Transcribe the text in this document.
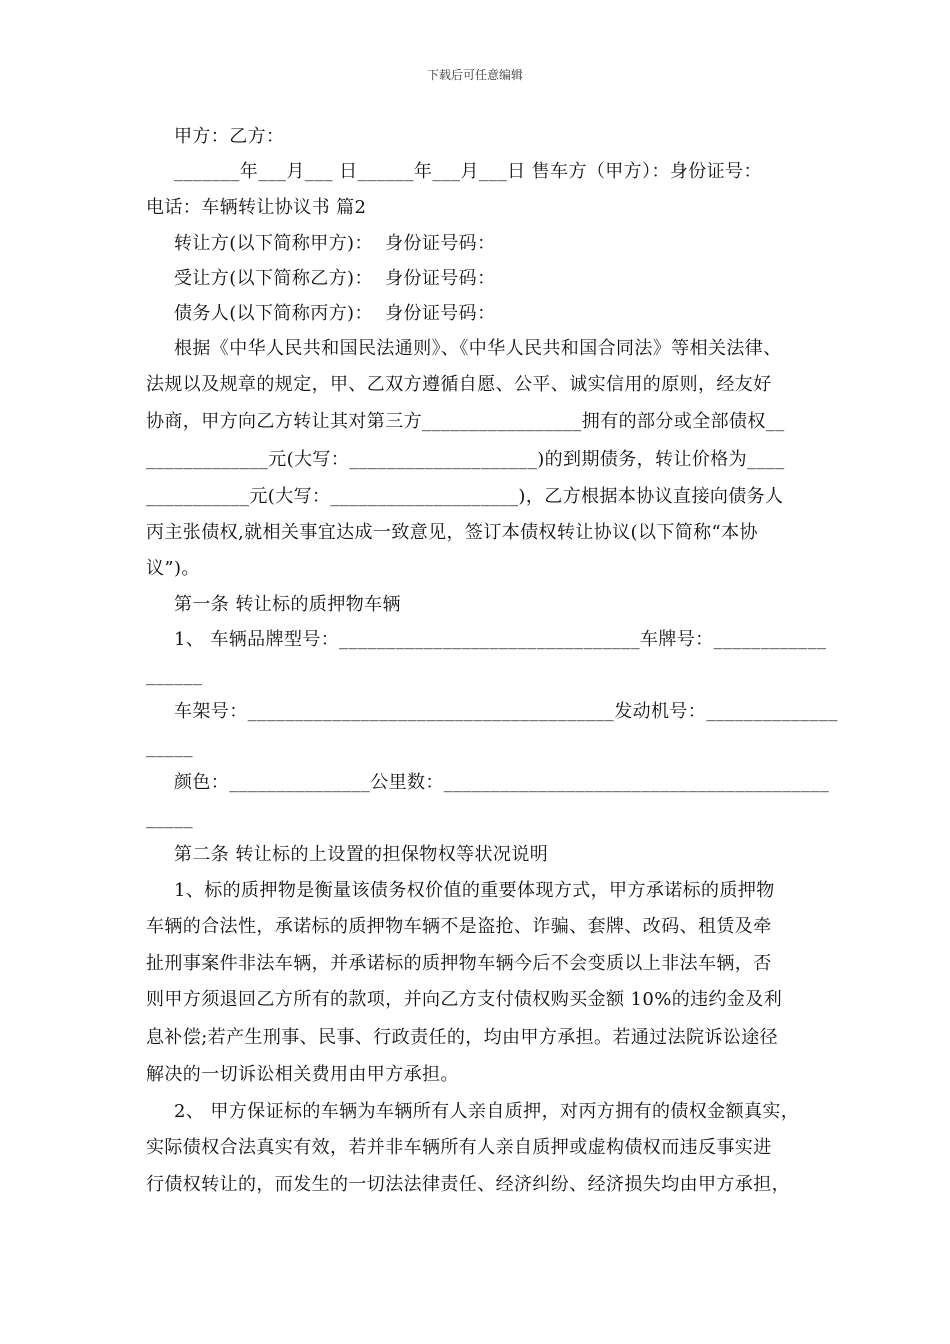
下载后可任意编辑
甲方：乙方：
_______年___月___ 日______年___月___日 售车方（甲方）：身份证号：
电话：车辆转让协议书 篇2
转让方(以下简称甲方)：  身份证号码：
受让方(以下简称乙方)：  身份证号码：
债务人(以下简称丙方)：  身份证号码：
根据《中华人民共和国民法通则》、《中华人民共和国合同法》等相关法律、
法规以及规章的规定，甲、乙双方遵循自愿、公平、诚实信用的原则，经友好
协商，甲方向乙方转让其对第三方_________________拥有的部分或全部债权__
_____________元(大写：____________________)的到期债务，转让价格为____
___________元(大写：____________________)，乙方根据本协议直接向债务人
丙主张债权,就相关事宜达成一致意见，签订本债权转让协议(以下简称“本协
议”)。
第一条 转让标的质押物车辆
1、 车辆品牌型号：________________________________车牌号：____________
______
车架号：_______________________________________发动机号：______________
_____
颜色：_______________公里数：_________________________________________
_____
第二条 转让标的上设置的担保物权等状况说明
1、标的质押物是衡量该债务权价值的重要体现方式，甲方承诺标的质押物
车辆的合法性，承诺标的质押物车辆不是盗抢、诈骗、套牌、改码、租赁及牵
扯刑事案件非法车辆，并承诺标的质押物车辆今后不会变质以上非法车辆，否
则甲方须退回乙方所有的款项，并向乙方支付债权购买金额 10%的违约金及利
息补偿;若产生刑事、民事、行政责任的，均由甲方承担。若通过法院诉讼途径
解决的一切诉讼相关费用由甲方承担。
2、 甲方保证标的车辆为车辆所有人亲自质押，对丙方拥有的债权金额真实，
实际债权合法真实有效，若并非车辆所有人亲自质押或虚构债权而违反事实进
行债权转让的，而发生的一切法法律责任、经济纠纷、经济损失均由甲方承担，
